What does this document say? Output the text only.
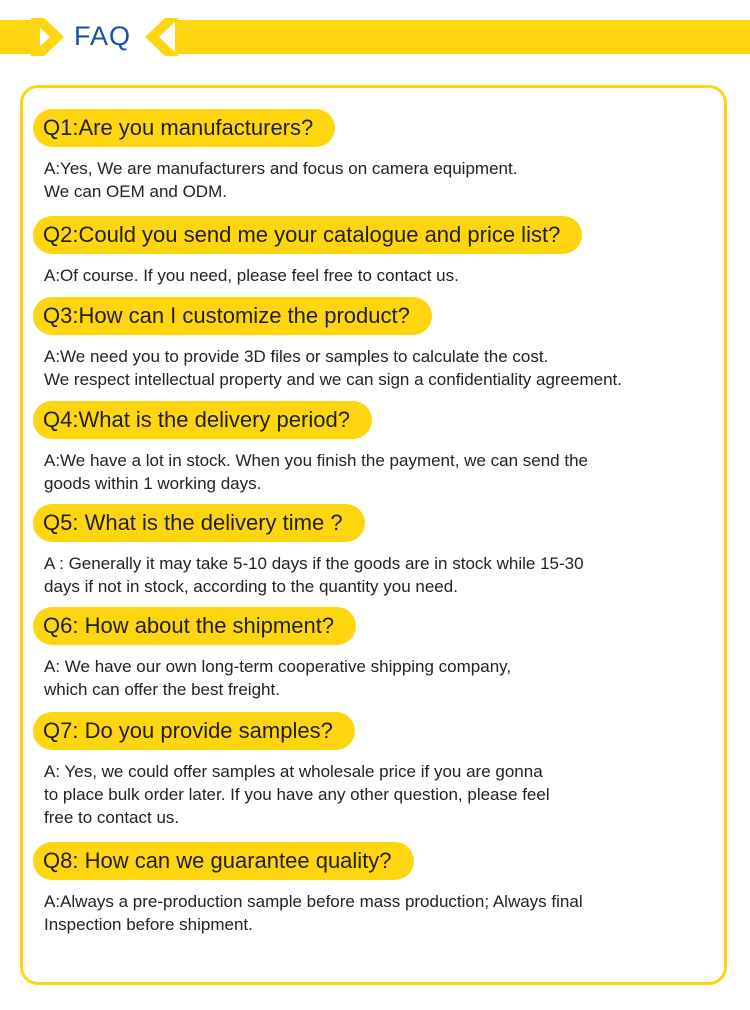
FAQ
Q1:Are you manufacturers?
A:Yes, We are manufacturers and focus on camera equipment.
We can OEM and ODM.
Q2:Could you send me your catalogue and price list?
A:Of course. If you need, please feel free to contact us.
Q3:How can I customize the product?
A:We need you to provide 3D files or samples to calculate the cost.
We respect intellectual property and we can sign a confidentiality agreement.
Q4:What is the delivery period?
A:We have a lot in stock. When you finish the payment, we can send the
goods within 1 working days.
Q5: What is the delivery time ?
A : Generally it may take 5-10 days if the goods are in stock while 15-30
days if not in stock, according to the quantity you need.
Q6: How about the shipment?
A: We have our own long-term cooperative shipping company,
which can offer the best freight.
Q7: Do you provide samples?
A: Yes, we could offer samples at wholesale price if you are gonna
to place bulk order later. If you have any other question, please feel
free to contact us.
Q8: How can we guarantee quality?
A:Always a pre-production sample before mass production; Always final
Inspection before shipment.
